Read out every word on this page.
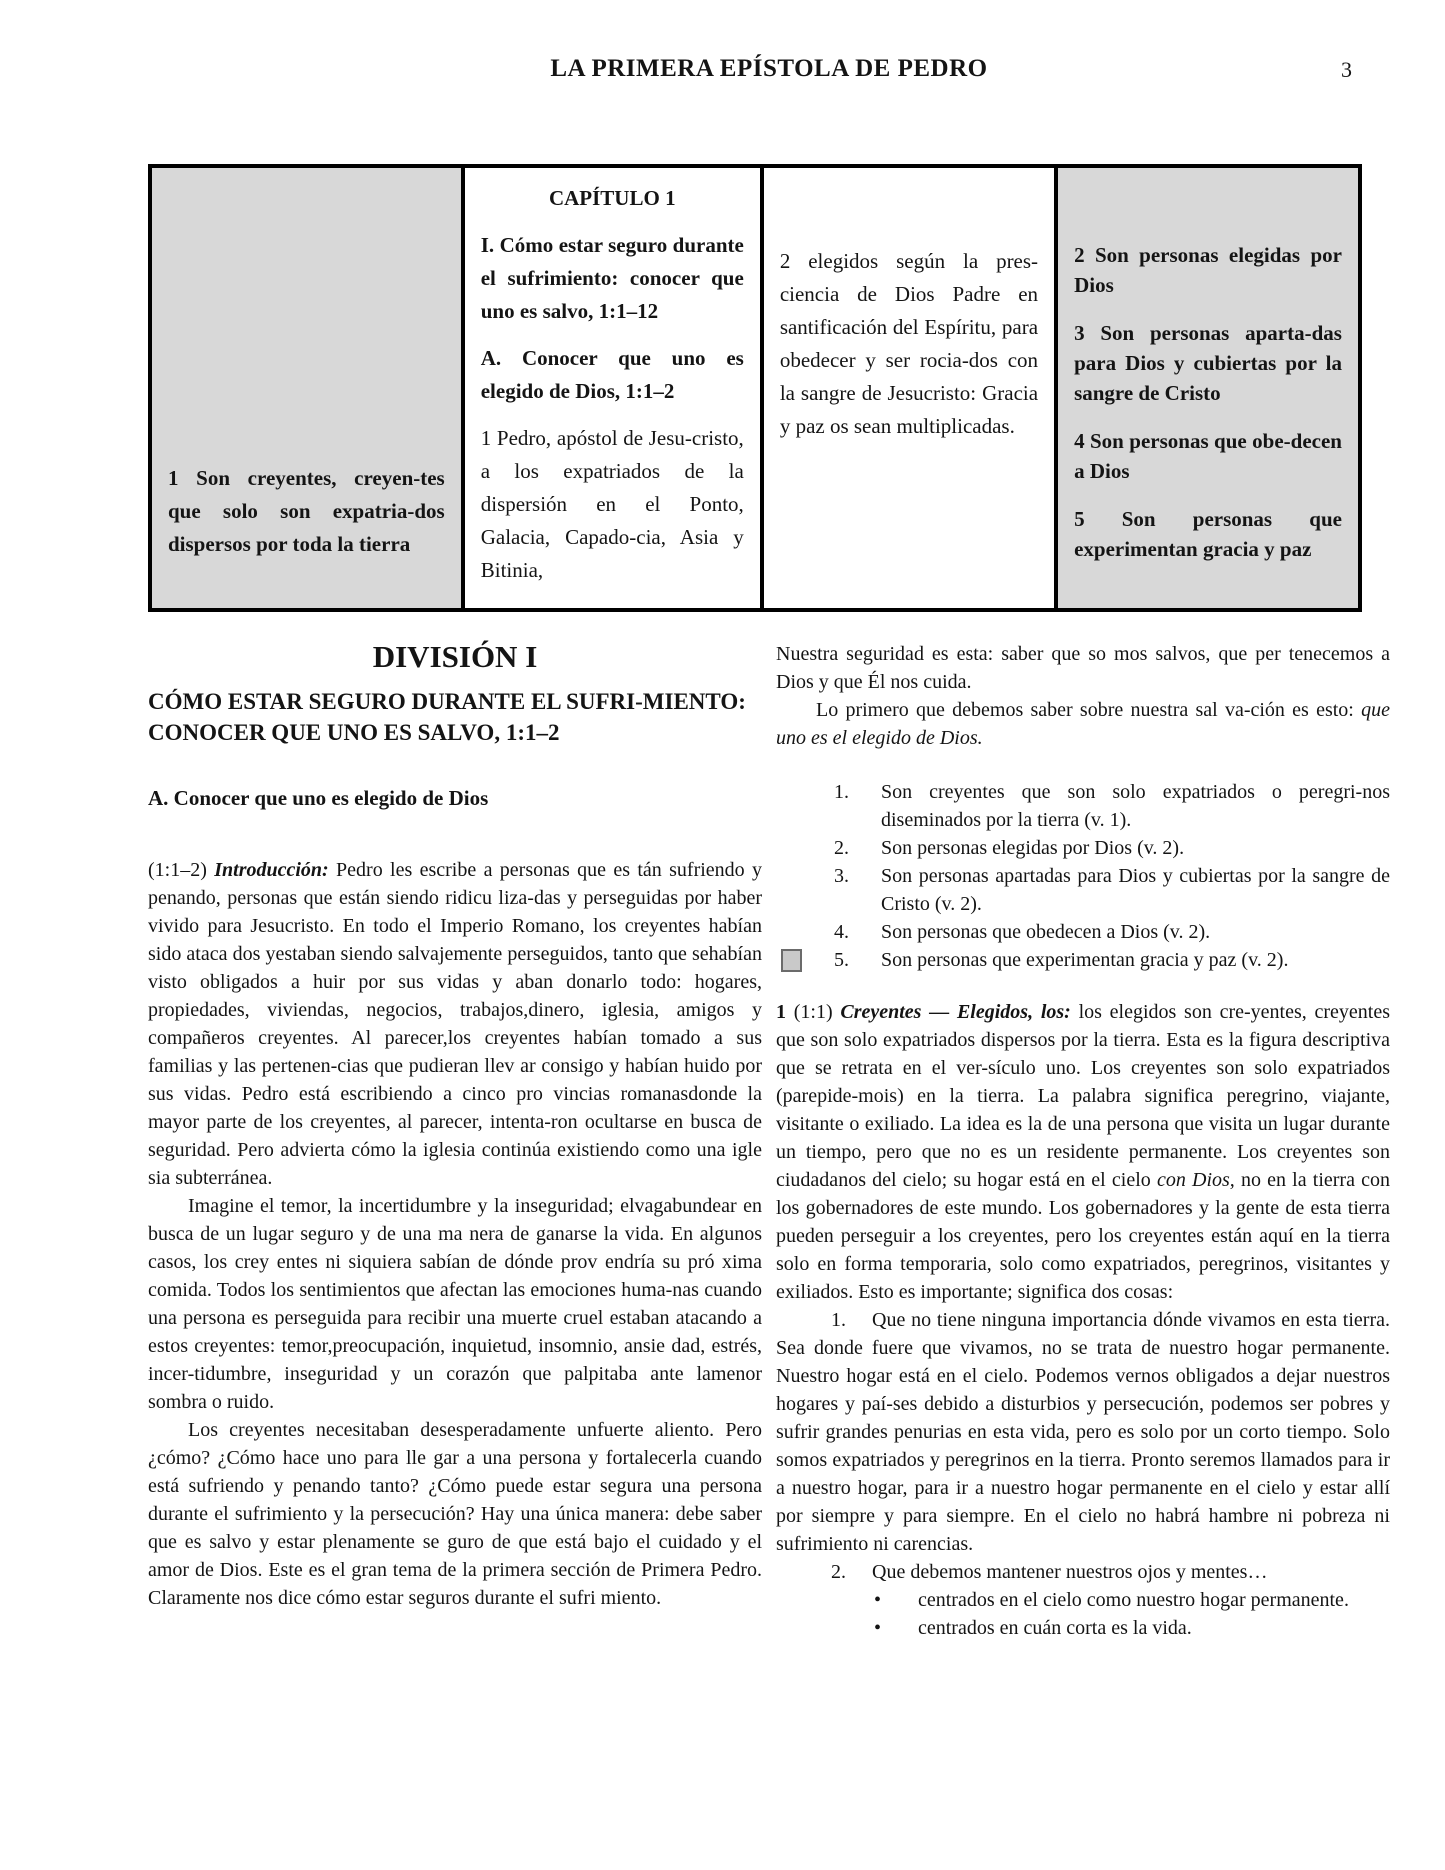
LA PRIMERA EPÍSTOLA DE PEDRO	3
1 Son creyentes, creyen-tes que solo son expatria-dos dispersos por toda la tierra

CAPÍTULO 1

I. Cómo estar seguro durante el sufrimiento: conocer que uno es salvo, 1:1–12

A. Conocer que uno es elegido de Dios, 1:1–2

1 Pedro, apóstol de Jesu-cristo, a los expatriados de la dispersión en el Ponto, Galacia, Capado-cia, Asia y Bitinia,

2 elegidos según la pres-ciencia de Dios Padre en santificación del Espíritu, para obedecer y ser rocia-dos con la sangre de Jesucristo: Gracia y paz os sean multiplicadas.

2 Son personas elegidas por Dios

3 Son personas aparta-das para Dios y cubiertas por la sangre de Cristo

4 Son personas que obe-decen a Dios

5 Son personas que experimentan gracia y paz

DIVISIÓN I
CÓMO ESTAR SEGURO DURANTE EL SUFRI-MIENTO: CONOCER QUE UNO ES SALVO, 1:1–2
A. Conocer que uno es elegido de Dios

(1:1–2) Introducción: Pedro les escribe a personas que es tán sufriendo y penando, personas que están siendo ridicu liza-das y perseguidas por haber vivido para Jesucristo. En todo el Imperio Romano, los creyentes habían sido ataca dos yestaban siendo salvajemente perseguidos, tanto que sehabían visto obligados a huir por sus vidas y aban donarlo todo: hogares, propiedades, viviendas, negocios, trabajos,dinero, iglesia, amigos y compañeros creyentes. Al parecer,los creyentes habían tomado a sus familias y las pertenen-cias que pudieran llev ar consigo y habían huido por sus vidas. Pedro está escribiendo a cinco pro vincias romanasdonde la mayor parte de los creyentes, al parecer, intenta-ron ocultarse en busca de seguridad. Pero advierta cómo la iglesia continúa existiendo como una igle sia subterránea.

Imagine el temor, la incertidumbre y la inseguridad; elvagabundear en busca de un lugar seguro y de una ma nera de ganarse la vida. En algunos casos, los crey entes ni siquiera sabían de dónde prov endría su pró xima comida. Todos los sentimientos que afectan las emociones huma-nas cuando una persona es perseguida para recibir una muerte cruel estaban atacando a estos creyentes: temor,preocupación, inquietud, insomnio, ansie dad, estrés, incer-tidumbre, inseguridad y un corazón que palpitaba ante lamenor sombra o ruido.

Los creyentes necesitaban desesperadamente unfuerte aliento. Pero ¿cómo? ¿Cómo hace uno para lle gar a una persona y fortalecerla cuando está sufriendo y penando tanto? ¿Cómo puede estar segura una persona durante el sufrimiento y la persecución? Hay una única manera: debe saber que es salvo y estar plenamente se guro de que está bajo el cuidado y el amor de Dios. Este es el gran tema de la primera sección de Primera Pedro. Claramente nos dice cómo estar seguros durante el sufri miento.

Nuestra seguridad es esta: saber que so mos salvos, que per tenecemos a Dios y que Él nos cuida.

Lo primero que debemos saber sobre nuestra sal va-ción es esto: que uno es el elegido de Dios.

1. Son creyentes que son solo expatriados o peregri-nos diseminados por la tierra (v. 1).
2. Son personas elegidas por Dios (v. 2).
3. Son personas apartadas para Dios y cubiertas por la sangre de Cristo (v. 2).
4. Son personas que obedecen a Dios (v. 2).
5. Son personas que experimentan gracia y paz (v. 2).

1 (1:1) Creyentes — Elegidos, los: los elegidos son cre-yentes, creyentes que son solo expatriados dispersos por la tierra. Esta es la figura descriptiva que se retrata en el ver-sículo uno. Los creyentes son solo expatriados (parepide-mois) en la tierra. La palabra significa peregrino, viajante, visitante o exiliado. La idea es la de una persona que visita un lugar durante un tiempo, pero que no es un residente permanente. Los creyentes son ciudadanos del cielo; su hogar está en el cielo con Dios, no en la tierra con los gobernadores de este mundo. Los gobernadores y la gente de esta tierra pueden perseguir a los creyentes, pero los creyentes están aquí en la tierra solo en forma temporaria, solo como expatriados, peregrinos, visitantes y exiliados. Esto es importante; significa dos cosas:

1. Que no tiene ninguna importancia dónde vivamos en esta tierra. Sea donde fuere que vivamos, no se trata de nuestro hogar permanente. Nuestro hogar está en el cielo. Podemos vernos obligados a dejar nuestros hogares y paí-ses debido a disturbios y persecución, podemos ser pobres y sufrir grandes penurias en esta vida, pero es solo por un corto tiempo. Solo somos expatriados y peregrinos en la tierra. Pronto seremos llamados para ir a nuestro hogar, para ir a nuestro hogar permanente en el cielo y estar allí por siempre y para siempre. En el cielo no habrá hambre ni pobreza ni sufrimiento ni carencias.

2. Que debemos mantener nuestros ojos y mentes…

• centrados en el cielo como nuestro hogar permanente.

• centrados en cuán corta es la vida.
